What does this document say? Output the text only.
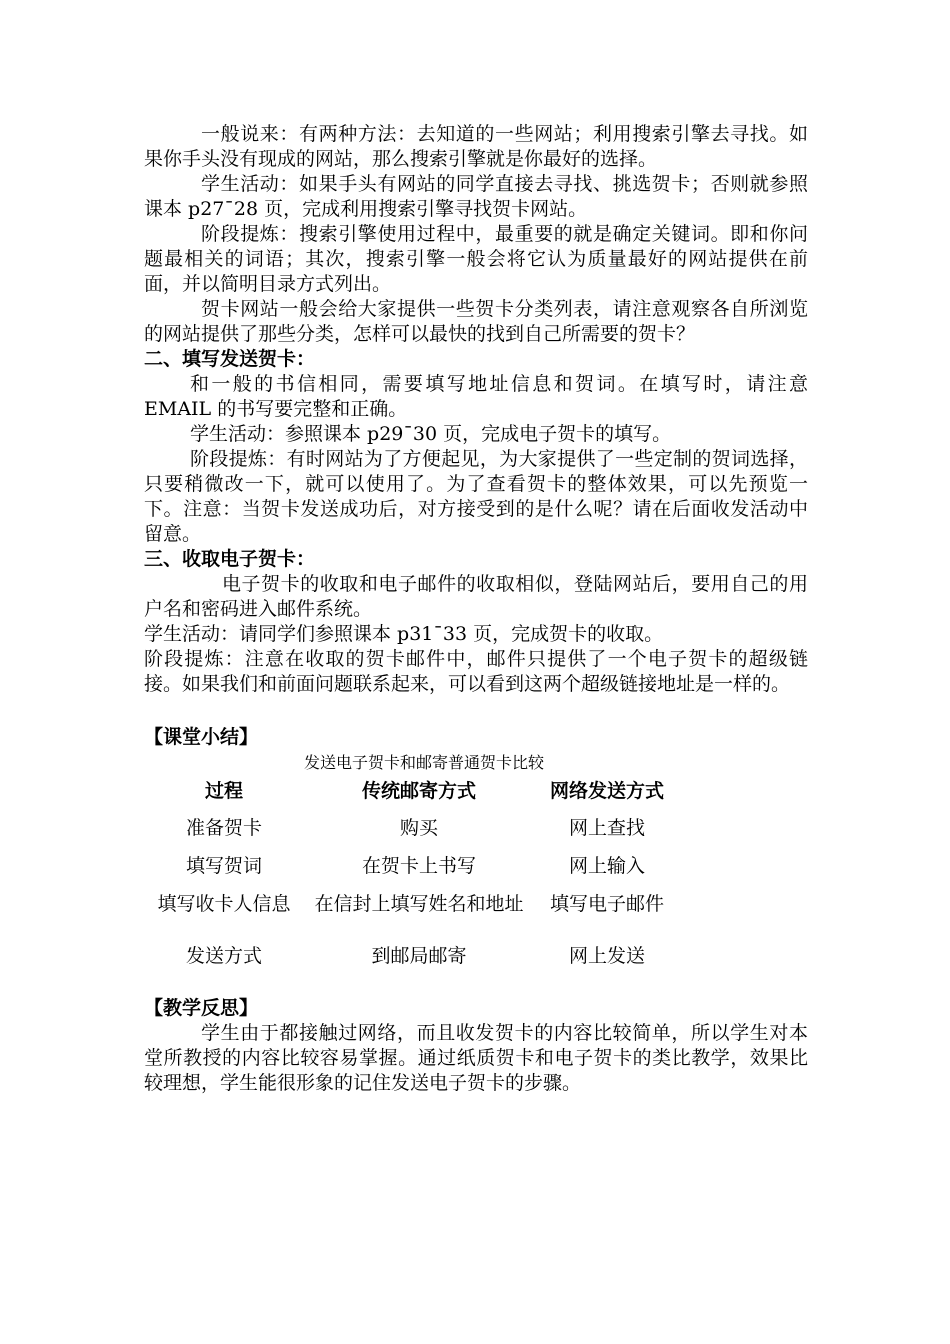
一般说来：有两种方法：去知道的一些网站；利用搜索引擎去寻找。如果你手头没有现成的网站，那么搜索引擎就是你最好的选择。

学生活动：如果手头有网站的同学直接去寻找、挑选贺卡；否则就参照课本 p27¯28 页，完成利用搜索引擎寻找贺卡网站。

阶段提炼：搜索引擎使用过程中，最重要的就是确定关键词。即和你问题最相关的词语；其次，搜索引擎一般会将它认为质量最好的网站提供在前面，并以简明目录方式列出。

贺卡网站一般会给大家提供一些贺卡分类列表，请注意观察各自所浏览的网站提供了那些分类，怎样可以最快的找到自己所需要的贺卡？

二、填写发送贺卡：

和一般的书信相同，需要填写地址信息和贺词。在填写时，请注意 EMAIL 的书写要完整和正确。

学生活动：参照课本 p29¯30 页，完成电子贺卡的填写。

阶段提炼：有时网站为了方便起见，为大家提供了一些定制的贺词选择，只要稍微改一下，就可以使用了。为了查看贺卡的整体效果，可以先预览一下。注意：当贺卡发送成功后，对方接受到的是什么呢？请在后面收发活动中留意。

三、收取电子贺卡：

电子贺卡的收取和电子邮件的收取相似，登陆网站后，要用自己的用户名和密码进入邮件系统。

学生活动：请同学们参照课本 p31¯33 页，完成贺卡的收取。

阶段提炼：注意在收取的贺卡邮件中，邮件只提供了一个电子贺卡的超级链接。如果我们和前面问题联系起来，可以看到这两个超级链接地址是一样的。

【课堂小结】

发送电子贺卡和邮寄普通贺卡比较
过程	传统邮寄方式	网络发送方式
准备贺卡	购买	网上查找
填写贺词	在贺卡上书写	网上输入
填写收卡人信息	在信封上填写姓名和地址	填写电子邮件
发送方式	到邮局邮寄	网上发送

【教学反思】

学生由于都接触过网络，而且收发贺卡的内容比较简单，所以学生对本堂所教授的内容比较容易掌握。通过纸质贺卡和电子贺卡的类比教学，效果比较理想，学生能很形象的记住发送电子贺卡的步骤。
